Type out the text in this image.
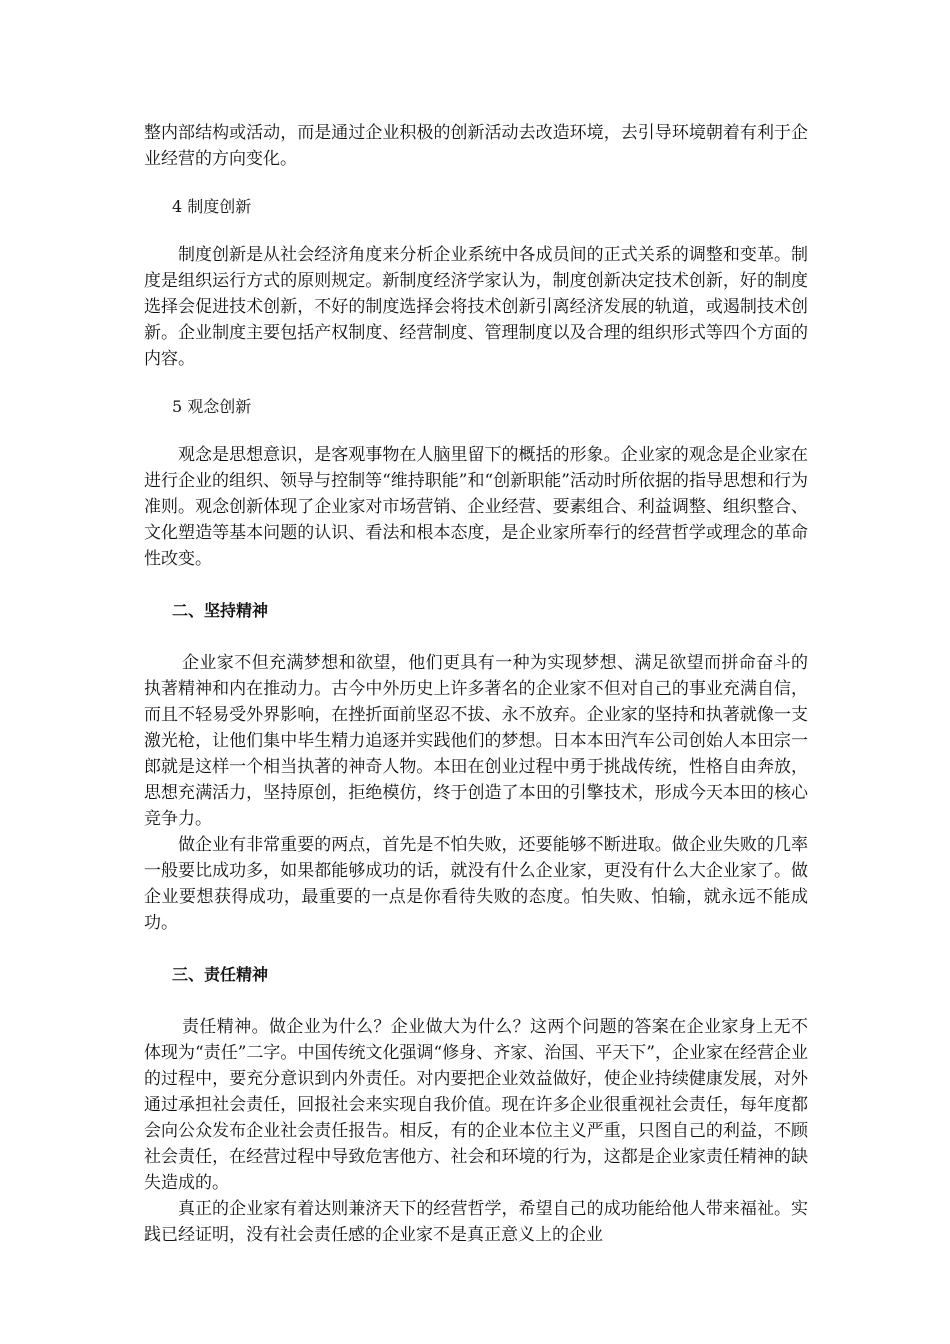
整内部结构或活动，而是通过企业积极的创新活动去改造环境，去引导环境朝着有利于企业经营的方向变化。

4 制度创新

制度创新是从社会经济角度来分析企业系统中各成员间的正式关系的调整和变革。制度是组织运行方式的原则规定。新制度经济学家认为，制度创新决定技术创新，好的制度选择会促进技术创新，不好的制度选择会将技术创新引离经济发展的轨道，或遏制技术创新。企业制度主要包括产权制度、经营制度、管理制度以及合理的组织形式等四个方面的内容。

5 观念创新

观念是思想意识，是客观事物在人脑里留下的概括的形象。企业家的观念是企业家在进行企业的组织、领导与控制等“维持职能”和“创新职能”活动时所依据的指导思想和行为准则。观念创新体现了企业家对市场营销、企业经营、要素组合、利益调整、组织整合、文化塑造等基本问题的认识、看法和根本态度，是企业家所奉行的经营哲学或理念的革命性改变。

二、坚持精神

企业家不但充满梦想和欲望，他们更具有一种为实现梦想、满足欲望而拼命奋斗的执著精神和内在推动力。古今中外历史上许多著名的企业家不但对自己的事业充满自信，而且不轻易受外界影响，在挫折面前坚忍不拔、永不放弃。企业家的坚持和执著就像一支激光枪，让他们集中毕生精力追逐并实践他们的梦想。日本本田汽车公司创始人本田宗一郎就是这样一个相当执著的神奇人物。本田在创业过程中勇于挑战传统，性格自由奔放，思想充满活力，坚持原创，拒绝模仿，终于创造了本田的引擎技术，形成今天本田的核心竞争力。

做企业有非常重要的两点，首先是不怕失败，还要能够不断进取。做企业失败的几率一般要比成功多，如果都能够成功的话，就没有什么企业家，更没有什么大企业家了。做企业要想获得成功，最重要的一点是你看待失败的态度。怕失败、怕输，就永远不能成功。

三、责任精神

责任精神。做企业为什么？企业做大为什么？这两个问题的答案在企业家身上无不体现为“责任”二字。中国传统文化强调“修身、齐家、治国、平天下”，企业家在经营企业的过程中，要充分意识到内外责任。对内要把企业效益做好，使企业持续健康发展，对外通过承担社会责任，回报社会来实现自我价值。现在许多企业很重视社会责任，每年度都会向公众发布企业社会责任报告。相反，有的企业本位主义严重，只图自己的利益，不顾社会责任，在经营过程中导致危害他方、社会和环境的行为，这都是企业家责任精神的缺失造成的。

真正的企业家有着达则兼济天下的经营哲学，希望自己的成功能给他人带来福祉。实践已经证明，没有社会责任感的企业家不是真正意义上的企业
